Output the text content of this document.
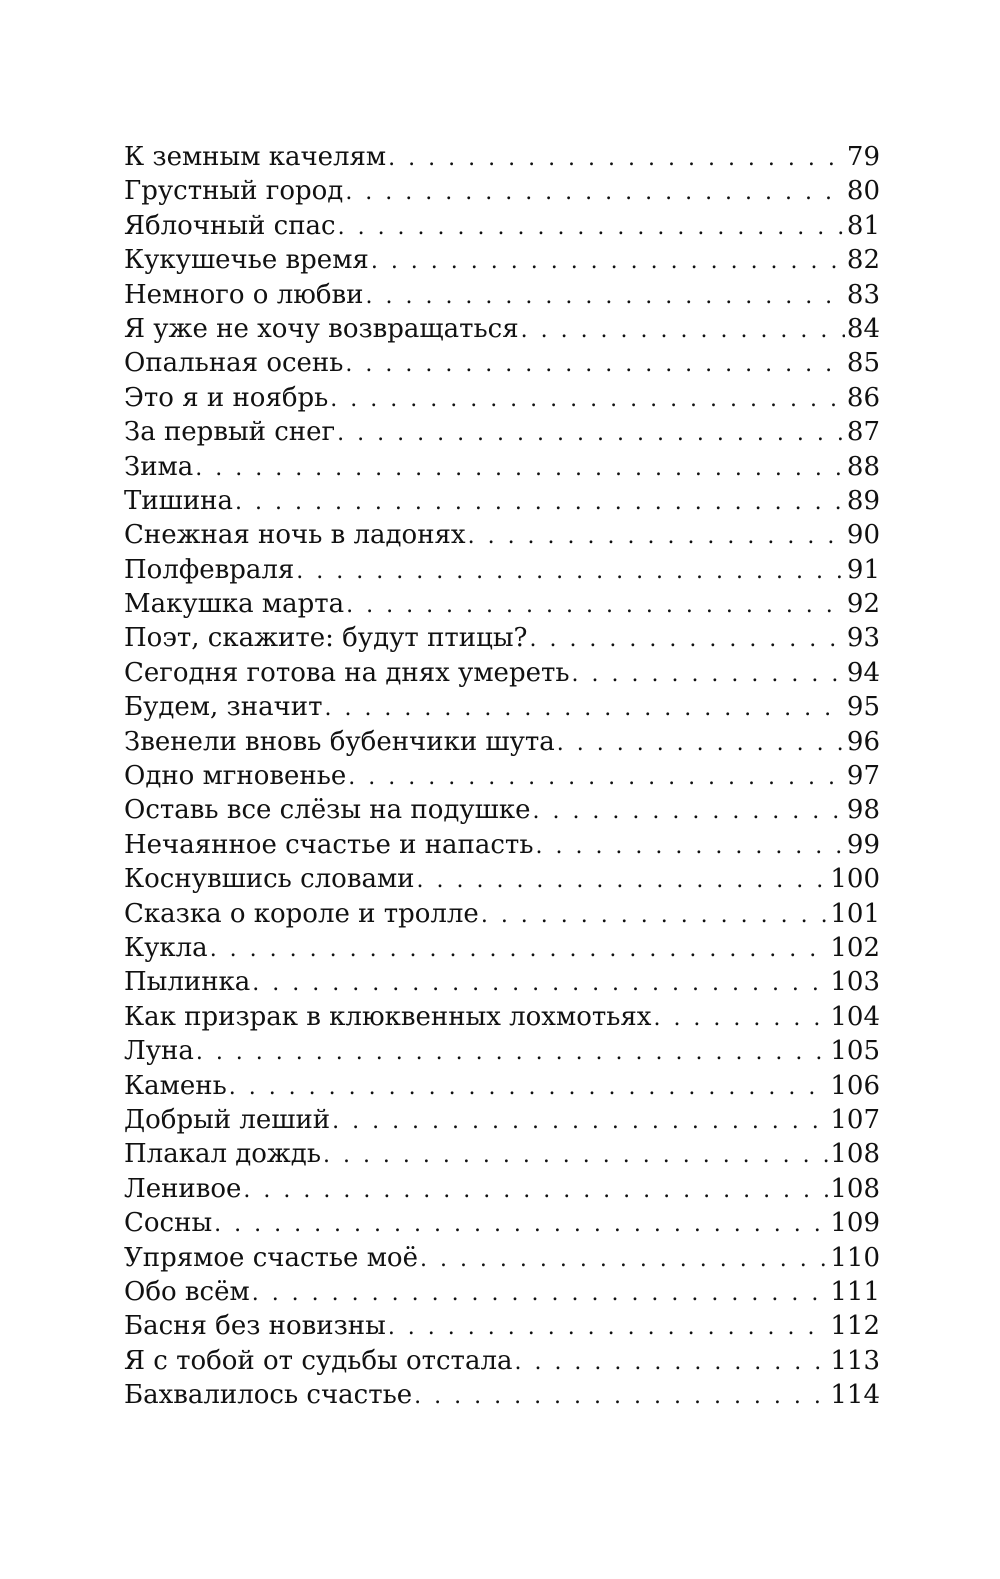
К земным качелям . . .	79
Грустный город . . .	80
Яблочный спас . . .	81
Кукушечье время . . .	82
Немного о любви . . .	83
Я уже не хочу возвращаться . . .	84
Опальная осень . . .	85
Это я и ноябрь . . .	86
За первый снег . . .	87
Зима . . .	88
Тишина . . .	89
Снежная ночь в ладонях . . .	90
Полфевраля . . .	91
Макушка марта . . .	92
Поэт, скажите: будут птицы? . . .	93
Сегодня готова на днях умереть . . .	94
Будем, значит . . .	95
Звенели вновь бубенчики шута . . .	96
Одно мгновенье . . .	97
Оставь все слёзы на подушке . . .	98
Нечаянное счастье и напасть . . .	99
Коснувшись словами . . .	100
Сказка о короле и тролле . . .	101
Кукла . . .	102
Пылинка . . .	103
Как призрак в клюквенных лохмотьях . . .	104
Луна . . .	105
Камень . . .	106
Добрый леший . . .	107
Плакал дождь . . .	108
Ленивое . . .	108
Сосны . . .	109
Упрямое счастье моё . . .	110
Обо всём . . .	111
Басня без новизны . . .	112
Я с тобой от судьбы отстала . . .	113
Бахвалилось счастье . . .	114
